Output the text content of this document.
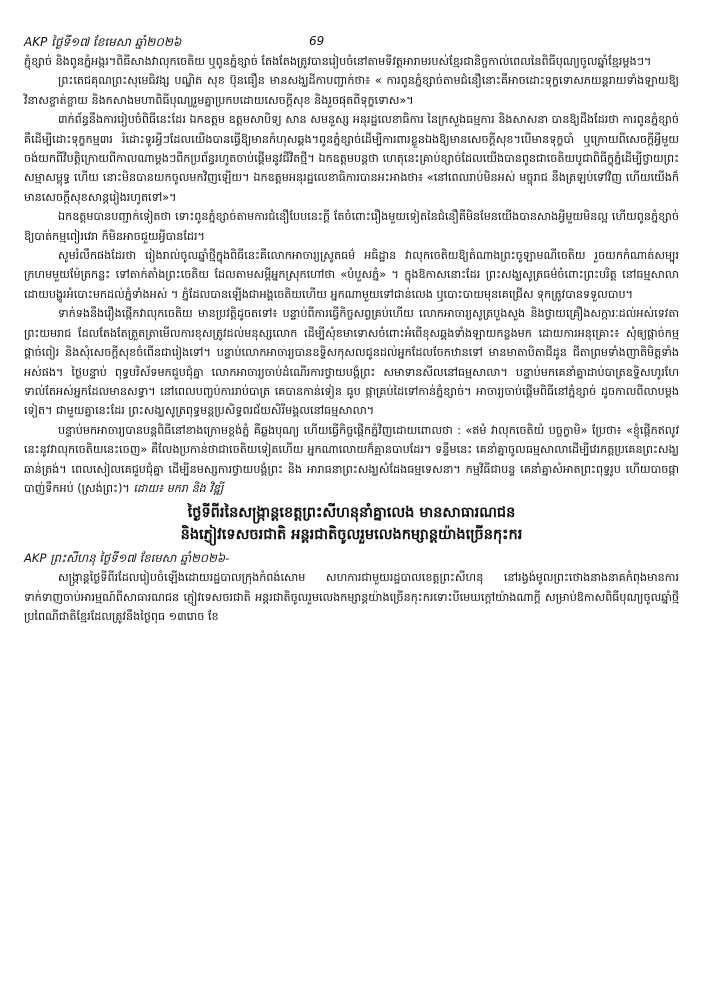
AKP ថ្ងៃទី១៧ ខែមេសា ឆ្នាំ២០២៦	69

ភ្ជុំខ្សាច់ និងពូនភ្នំអង្ករ។ពិធីសាងវាលុកចេតិយ ឬពូនភ្នំខ្សាច់ តែងតែងត្រូវបានរៀបចំនៅតាមទីវត្តអារាមរបស់ខ្មែរជានិច្ចកាល់ពេលនៃពិធីបុណ្យចូលឆ្នាំខ្មែរម្តងៗ។

ព្រះតេជគុណព្រះសុមេធិវង្ស បណ្ឌិត សុខ ប៊ុនធឿន មានសង្ឃដីកាបញ្ជាក់ថា៖ « ការពូនភ្នំខ្សាច់តាមជំនឿនោះគឺអាចដោះទុក្ខទោសភយន្តរាយទាំងឡាយឱ្យវិនាសខ្ចាត់ខ្ចាយ និងកសាងមហាពិធីបុណ្យរួមគ្នាប្រកបដោយសេចក្តីសុខ និងរួចផុតពីទុក្ខទោស»។

៣ក់ព័ន្ធនឹងការរៀបចំពិធីនេះដែរ ឯកឧត្តម ឧត្តមសាបិទ្យ សាន សមនួស្ស អនុរដ្ឋលេខាធិការ នៃក្រសួងធម្មការ និងសាសនា បានឱ្យដឹងដែរថា ការពូនភ្នំខ្សាច់គឺដើម្បីដោះទុក្ខកម្ម៣រ រំដោះទូរអ្វីៗដែលយើងបានធ្វើឱ្យមានកំហុសឆ្គង។ពូនភ្នំខ្សាច់ដើម្បីការពារខ្លួនឯងឱ្យមានសេចក្តីសុខ។បើមានទុក្ខបាំ ឬក្រោយពីសេចក្តីអ្វីមួយចង់យកពីវិបត្តិក្រោយពីកាលណាម្តងៗពីកប្រព័ន្ធរហូតចាប់ផ្តើមនូវជីវិតថ្មី។ ឯកឧត្តមបន្តថា ហេតុនេះគ្រាប់ខ្សាច់ដែលយើងបានពូនជាចេតិយបូជាពិធីក្ខុភ្នំដើម្បីថ្វាយព្រះសម្មាសម្ពុទ្ធ ហើយ នោះមិនបានយកចូលមកវិញឡើយ។ ឯកឧត្តមអនុរដ្ឋលេខាធិការបានអះអាងថា៖ «នៅពេលរាប់មិនអស់ មច្ចុរាជ នឹងត្រឡប់ទៅវិញ ហើយយើងក៏មានសេចក្តីសុខសាន្តរៀងរហូតទៅ»។

ឯកឧត្តមបានបញ្ជាក់ទៀតថា ទោះពូនភ្នំខ្សាច់តាមការជំនឿបែបនេះក្តី តែចំពោះរឿងមួយទៀតនៃជំនឿគឺមិនមែនយើងបានសាងអ្វីមួយមិនល្អ ហើយពូនភ្នំខ្សាច់ឱ្យបាត់កម្មពៀរវេរា ក៏មិនអាចជួយអ្វីបានដែរ។

សូមរំលឹកផងដែរថា រៀងរាល់ចូលឆ្នាំថ្មីក្នុងពិធីនេះគឺលោកអាចារ្យស្រូតធម៌ អធិដ្ឋាន វាលុកចេតិយឱ្យតំណាងព្រះចូឡាមណីចេតិយ រួចយកកំណាត់សម្បុរក្រហមមួយម៉ែត្រកន្លះ ទៅតាក់តាំងព្រះចេតិយ ដែលតាមសម្តីអ្នកស្រុកហៅថា «បំបួសភ្នំ» ។ ក្នុងឱកាសនោះដែរ ព្រះសង្ឃសូត្រធម៌ចំពោះព្រះបរិត្ត នៅធម្មសាលាដោយបង្ហូរអំបោះមកដល់ភ្នំទាំងអស់ ។ ភ្នំដែលបានឡើងជាអង្គចេតិយហើយ អ្នកណាមួយទៅជាន់លេង ឬបោះបាយមុនគេជ្រើស ទុកត្រូវបានទទួលបាប។

ទាក់ទងនឹងរឿងផ្កើកវាលុកចេតិយ មានប្រវត្តិដូចតទៅ៖ បន្ទាប់ពីការធ្វើកិច្ចសព្វគ្រប់ហើយ លោកអាចារ្យសូត្របួងសួង និងថ្វាយគ្រឿងសក្ការៈដល់អស់ទេវតា ព្រះយមរាជ ដែលតែងតែត្រួតត្រាមើលការខុសត្រូវដល់មនុស្សលោក ដើម្បីសុំខមាទោសចំពោះអំពើខុសឆ្គងទាំងឡាយកន្លងមក ដោយការអនុគ្រោះ៖ សុំឲ្យផ្តាច់កម្ម ផ្តាច់ពៀរ និងសុំសេចក្តីសុខចំពើនជារៀងទៅ។ បន្ទាប់លោកអាចារ្យបានឧទ្ទិសកុសលជូនដល់អ្នកដែលចែកឋានទៅ មានមាតាបិតាជីដូន ជីតាព្រមទាំងញាតិមិត្តទាំងអស់ផង។ ថ្ងៃបន្ទាប់ ពុទ្ធបរិស័ទមកជួបជុំគ្នា លោកអាចារ្យចាប់ដំណើរការថ្វាយបង្គំព្រះ សមាទានសីលនៅធម្មសាលា។ បន្ទាប់មកគេនាំគ្នាដាប់បាត្រឧទ្ទិសហូរហែ ទាល់តែអស់អ្នកដែលមានសទ្ធា។ នៅពេលបញ្ចប់ការរាប់បាត្រ គេបានកាន់ទៀន ធូប ផ្កាគ្រប់ដៃទៅកាន់ភ្នំខ្សាច់។ អាចារ្យចាប់ផ្តើមពិធីនៅភ្នំខ្សាច់ ដូចកាលពីលាបម្តងទៀត។ ជាមួយគ្នានេះដែរ ព្រះសង្ឃសូត្រពុទ្ធមន្តប្រសិទ្ធពរជ័យសិរីមង្គលនៅធម្មសាលា។

បន្ទាប់មកអាចារ្យបានបន្តពិធីនៅខាងក្រោមខ្ពង់ភ្នំ គឺឆ្លងបុណ្យ ហើយធ្វើកិច្ចផ្តើកភ្នំវិញដោយពោលថា : «ឥមំ វាលុកចេតិយំ បច្ចក្ខាមិ» ប្រែថា៖ «ខ្ញុំផ្កើកឥលូវនេះនូវវាលុកចេតិយនេះចេញ» គឺលែងប្រកាន់ថាជាចេតិយទៀតហើយ អ្នកណាលោយក៏គ្មានបាបដែរ។ ទន្ទឹមនេះ គេនាំគ្នាចូលធម្មសាលាដើម្បីវេរភត្តប្រគេនព្រះសង្ឃឆាន់ត្រង់។ ពេលសៀលគេជួបជុំគ្នា ដើម្បីនមស្សការថ្វាយបង្គំព្រះ និង អារាធនាព្រះសង្ឃសំដែងធម្មទេសនា។ កម្មវិធីជាបន្ទ គេនាំគ្នាសំអាតព្រះពុទ្ធរូប ហើយបាចផ្កា បាញ់ទឹកអប់ (ស្រង់ព្រះ)។ ដោយ៖ មករា និង វិឌ្ឍី

ថ្ងៃទីពីរនៃសង្ក្រាន្តខេត្តព្រះសីហនុនាំគ្នាលេង មានសាធារណជន
និងភ្ញៀវទេសចរជាតិ អន្តរជាតិចូលរួមលេងកម្សាន្តយ៉ាងច្រើនកុះករ
AKP ព្រះសីហនុ ថ្ងៃទី១៧ ខែមេសា ឆ្នាំ២០២៦-

សង្ក្រាន្តថ្ងៃទីពីរដែលរៀបចំឡើងដោយរដ្ឋបាលក្រុងកំពង់សោម សហការជាមួយរដ្ឋបាលខេត្តព្រះសីហនុ នៅរង្វង់មូលព្រះថោងនាងនាគកំពុងមានការទាក់ទាញចាប់អារម្មណ៍ពីសាធារណជន ភ្ញៀវទេសចរជាតិ អន្តរជាតិចូលរួមលេងកម្សាន្តយ៉ាងច្រើនកុះករទោះបីមេឃក្តៅយ៉ាងណាក្តី សម្រាប់ឱកាសពិធីបុណ្យចូលឆ្នាំថ្មីប្រពៃណីជាតិខ្មែរដែលត្រូវនឹងថ្ងៃពុធ ១៣រោច ខែ
